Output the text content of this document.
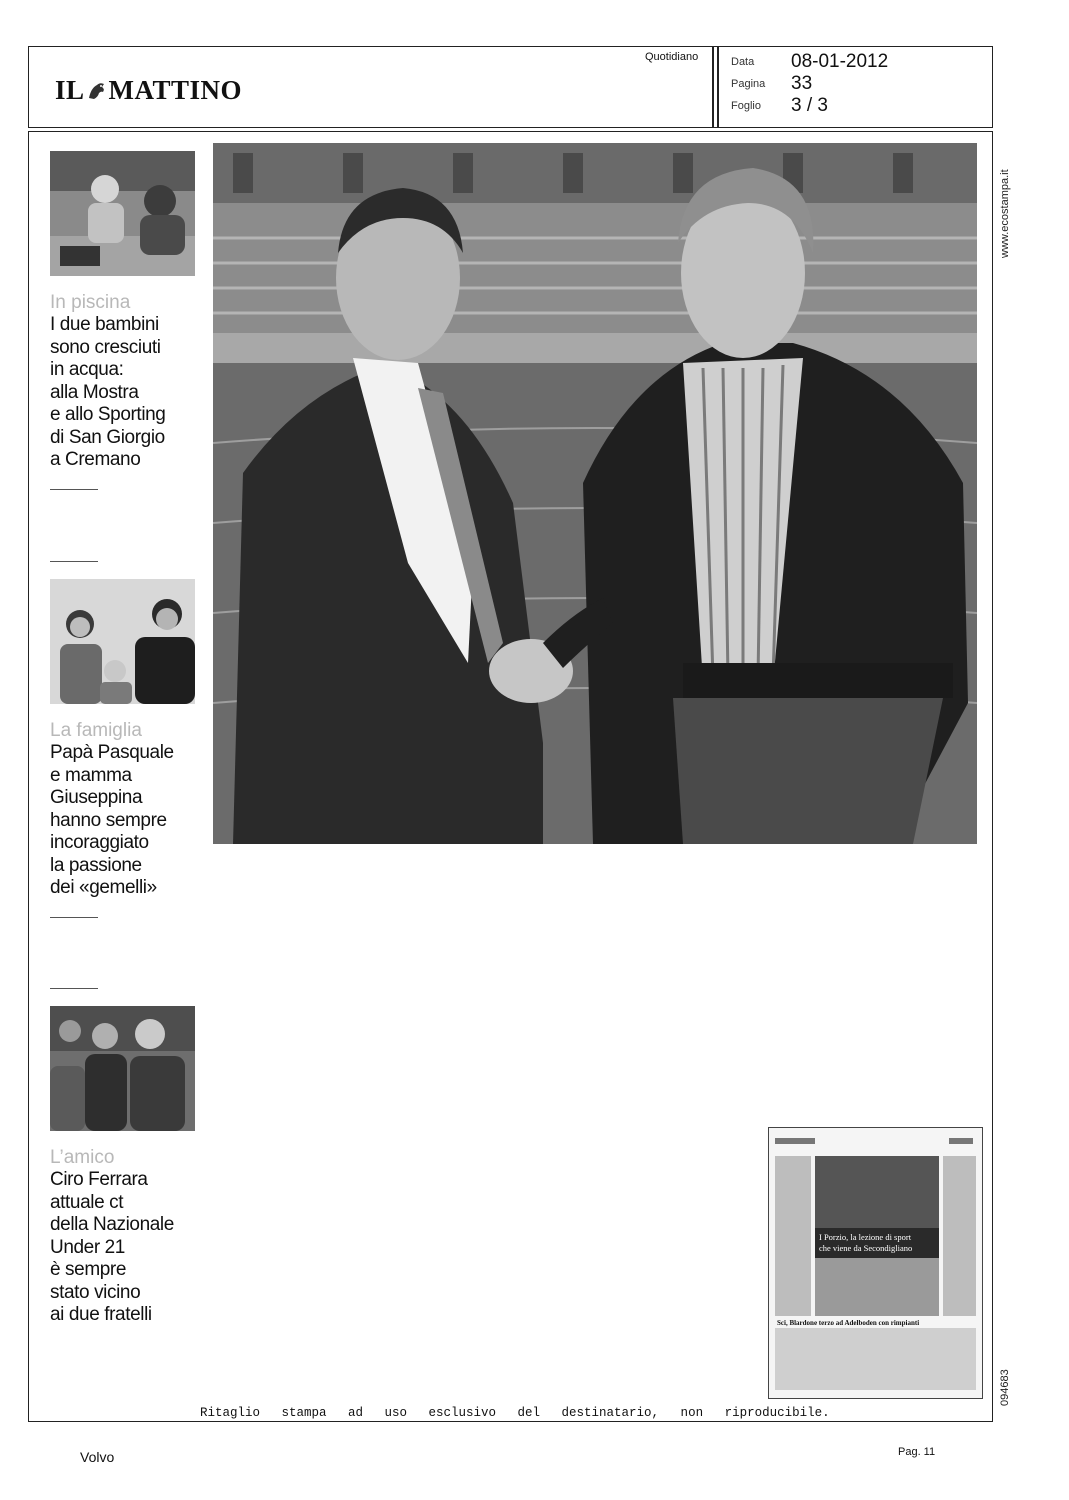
IL MATTINO
Quotidiano	Data 08-01-2012
Pagina 33
Foglio 3 / 3
www.ecostampa.it
094683
In piscina
I due bambini
sono cresciuti
in acqua:
alla Mostra
e allo Sporting
di San Giorgio
a Cremano
La famiglia
Papà Pasquale
e mamma
Giuseppina
hanno sempre
incoraggiato
la passione
dei «gemelli»
L’amico
Ciro Ferrara
attuale ct
della Nazionale
Under 21
è sempre
stato vicino
ai due fratelli
I Porzio, la lezione di sport
che viene da Secondigliano
Sci, Blardone terzo ad Adelboden con rimpianti
Ritaglio stampa ad uso esclusivo del destinatario, non riproducibile.
Volvo	Pag. 11
